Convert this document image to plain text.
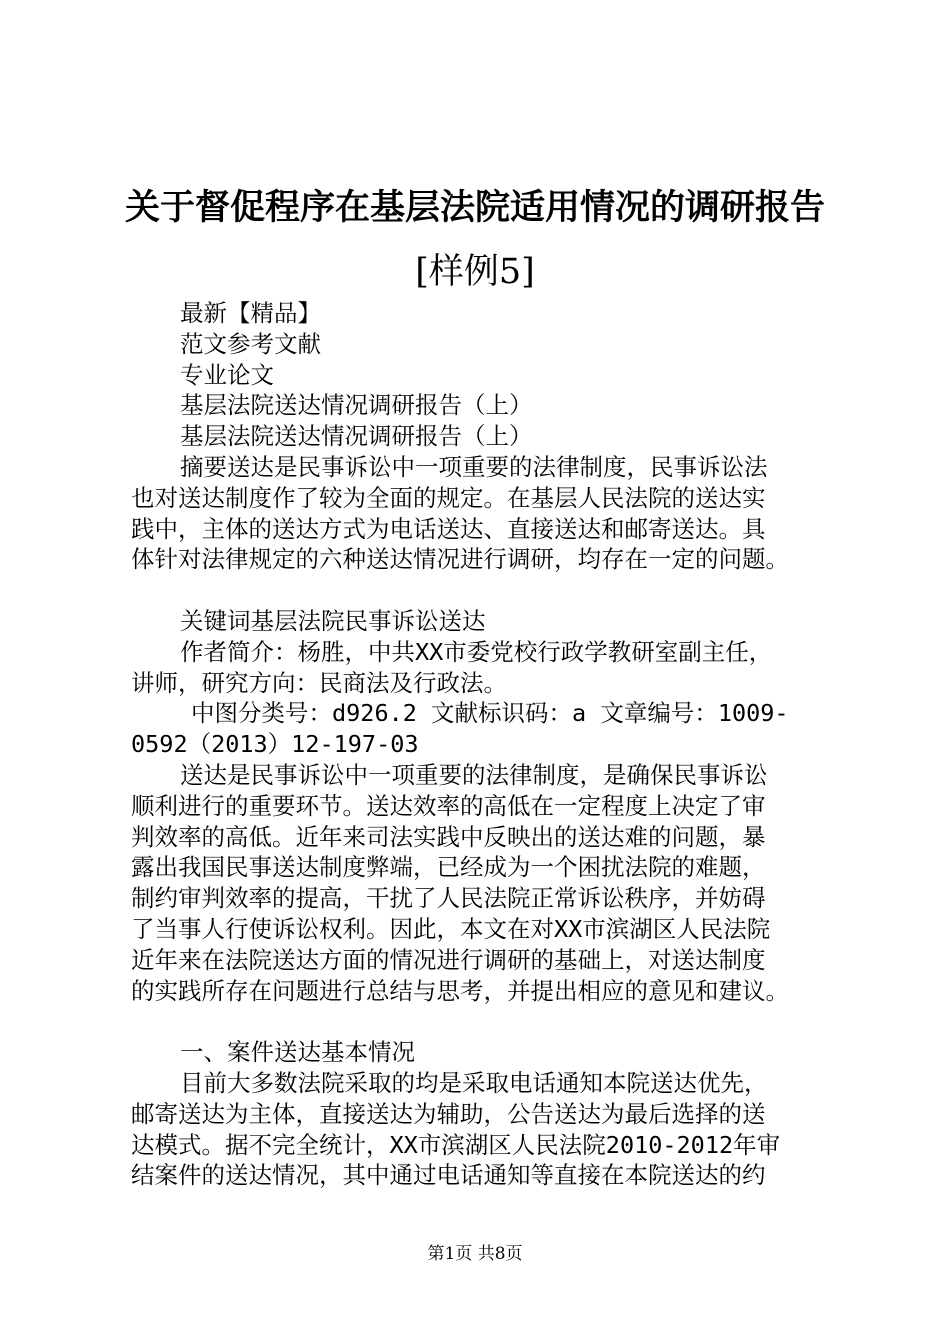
关于督促程序在基层法院适用情况的调研报告
[样例5]
最新【精品】
范文参考文献
专业论文
基层法院送达情况调研报告（上）
基层法院送达情况调研报告（上）
摘要送达是民事诉讼中一项重要的法律制度，民事诉讼法
也对送达制度作了较为全面的规定。在基层人民法院的送达实
践中，主体的送达方式为电话送达、直接送达和邮寄送达。具
体针对法律规定的六种送达情况进行调研，均存在一定的问题。
关键词基层法院民事诉讼送达
作者简介：杨胜，中共XX市委党校行政学教研室副主任，
讲师，研究方向：民商法及行政法。
中图分类号：d926.2 文献标识码：a 文章编号：1009-
0592（2013）12-197-03
送达是民事诉讼中一项重要的法律制度，是确保民事诉讼
顺利进行的重要环节。送达效率的高低在一定程度上决定了审
判效率的高低。近年来司法实践中反映出的送达难的问题，暴
露出我国民事送达制度弊端，已经成为一个困扰法院的难题，
制约审判效率的提高，干扰了人民法院正常诉讼秩序，并妨碍
了当事人行使诉讼权利。因此，本文在对XX市滨湖区人民法院
近年来在法院送达方面的情况进行调研的基础上，对送达制度
的实践所存在问题进行总结与思考，并提出相应的意见和建议。
一、案件送达基本情况
目前大多数法院采取的均是采取电话通知本院送达优先，
邮寄送达为主体，直接送达为辅助，公告送达为最后选择的送
达模式。据不完全统计，XX市滨湖区人民法院2010-2012年审
结案件的送达情况，其中通过电话通知等直接在本院送达的约
第1页 共8页
